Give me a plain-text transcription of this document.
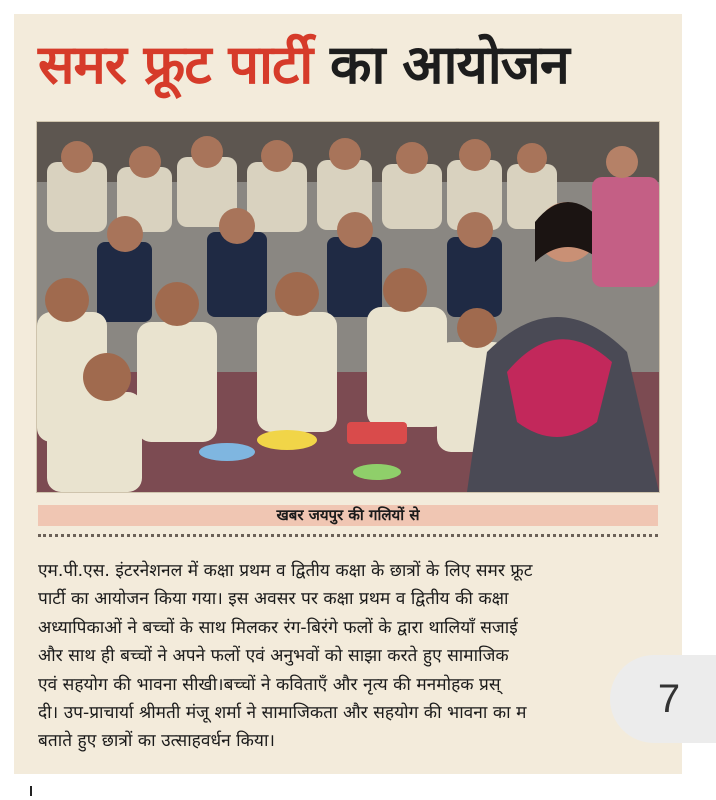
समर फ्रूट पार्टी का आयोजन
खबर जयपुर की गलियों से

एम.पी.एस. इंटरनेशनल में कक्षा प्रथम व द्वितीय कक्षा के छात्रों के लिए समर फ्रूट

पार्टी का आयोजन किया गया। इस अवसर पर कक्षा प्रथम व द्वितीय की कक्षा

अध्यापिकाओं ने बच्चों के साथ मिलकर रंग-बिरंगे फलों के द्वारा थालियाँ सजाई

और साथ ही बच्चों ने अपने फलों एवं अनुभवों को साझा करते हुए सामाजिक

एवं सहयोग की भावना सीखी।बच्चों ने कविताएँ और नृत्य की मनमोहक प्रस्

दी। उप-प्राचार्या श्रीमती मंजू शर्मा ने सामाजिकता और सहयोग की भावना का म

बताते हुए छात्रों का उत्साहवर्धन किया।

7
